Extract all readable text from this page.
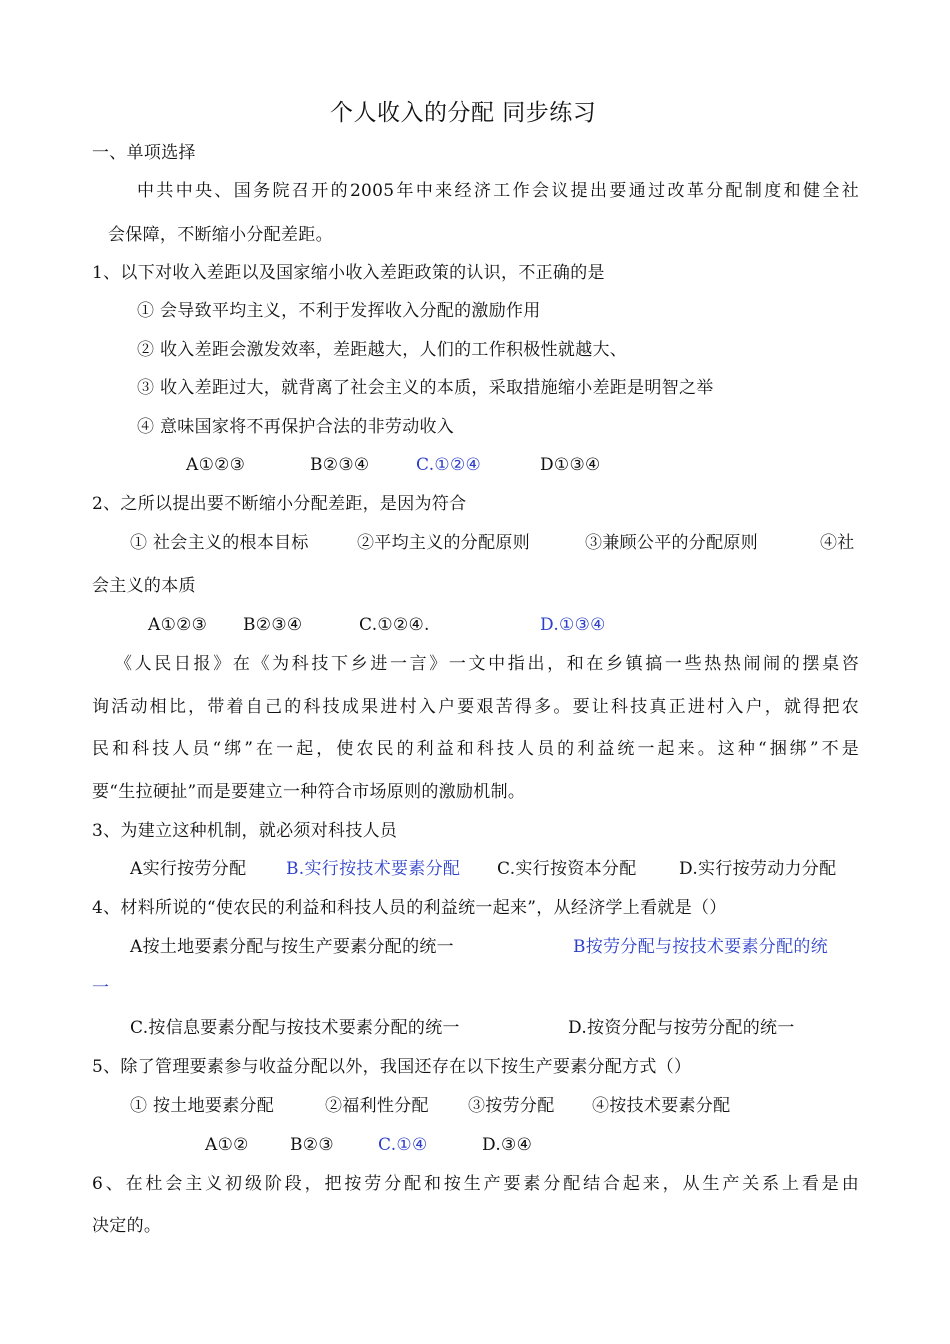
个人收入的分配 同步练习
一、单项选择
中共中央、国务院召开的2005年中来经济工作会议提出要通过改革分配制度和健全社
会保障，不断缩小分配差距。
1、以下对收入差距以及国家缩小收入差距政策的认识，不正确的是
① 会导致平均主义，不利于发挥收入分配的激励作用
② 收入差距会激发效率，差距越大，人们的工作积极性就越大、
③ 收入差距过大，就背离了社会主义的本质，采取措施缩小差距是明智之举
④ 意味国家将不再保护合法的非劳动收入
A①②③	B②③④	C.①②④	D①③④
2、之所以提出要不断缩小分配差距，是因为符合
① 社会主义的根本目标	②平均主义的分配原则	③兼顾公平的分配原则	④社
会主义的本质
A①②③ B②③④	C.①②④.	D.①③④
《人民日报》在《为科技下乡进一言》一文中指出，和在乡镇搞一些热热闹闹的摆桌咨
询活动相比，带着自己的科技成果进村入户要艰苦得多。要让科技真正进村入户，就得把农
民和科技人员“绑”在一起，使农民的利益和科技人员的利益统一起来。这种“捆绑”不是
要“生拉硬扯”而是要建立一种符合市场原则的激励机制。
3、为建立这种机制，就必须对科技人员
A实行按劳分配 B.实行按技术要素分配 C.实行按资本分配 D.实行按劳动力分配
4、材料所说的“使农民的利益和科技人员的利益统一起来”，从经济学上看就是（）
A按土地要素分配与按生产要素分配的统一	B按劳分配与按技术要素分配的统
一
C.按信息要素分配与按技术要素分配的统一	D.按资分配与按劳分配的统一
5、除了管理要素参与收益分配以外，我国还存在以下按生产要素分配方式（）
① 按土地要素分配	②福利性分配 ③按劳分配 ④按技术要素分配
A①② B②③	C.①④	D.③④
6、在杜会主义初级阶段，把按劳分配和按生产要素分配结合起来，从生产关系上看是由
决定的。
